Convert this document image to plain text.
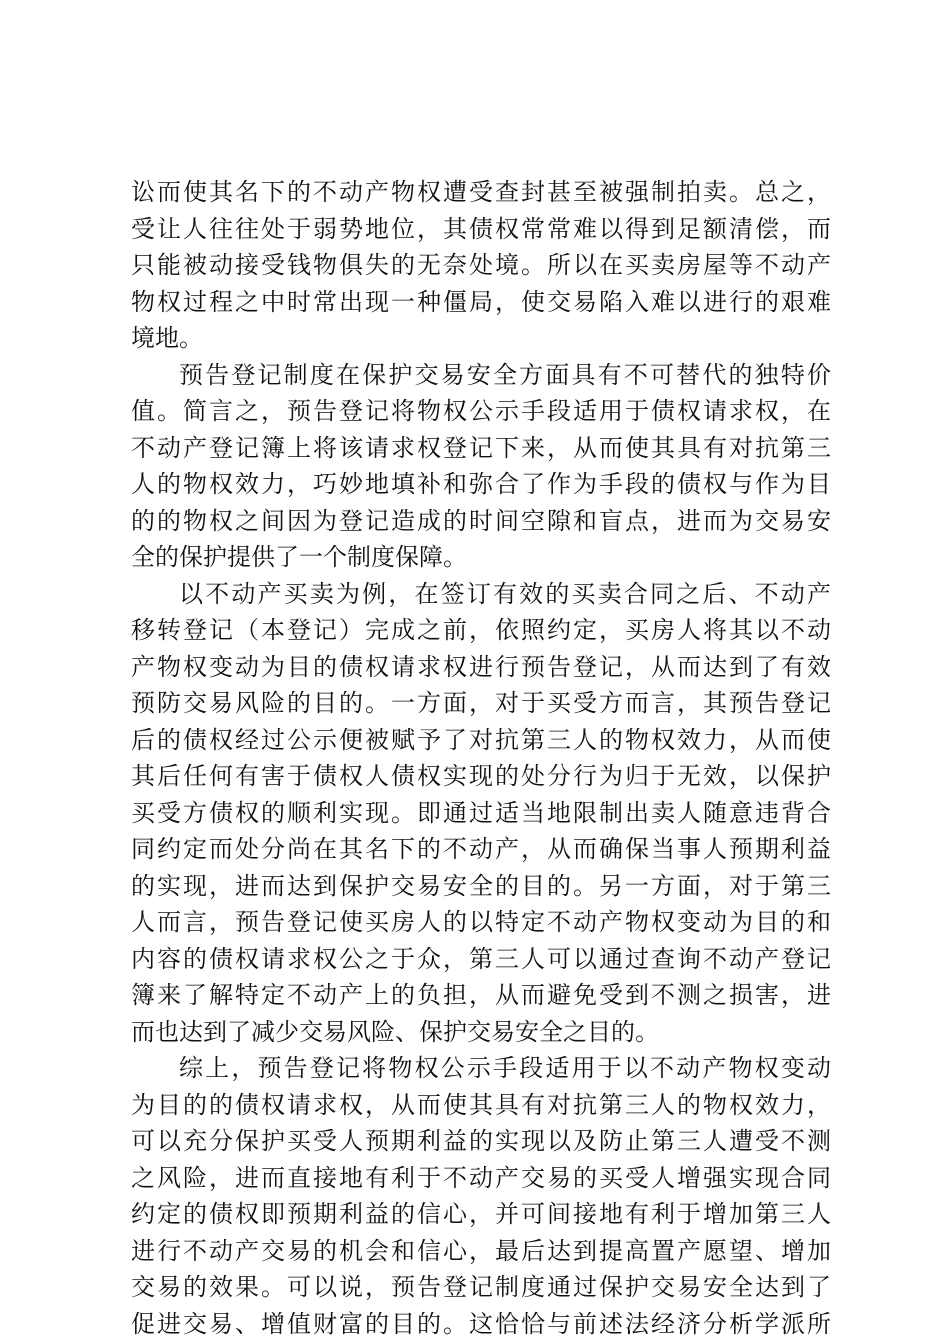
讼而使其名下的不动产物权遭受查封甚至被强制拍卖。总之，
受让人往往处于弱势地位，其债权常常难以得到足额清偿，而
只能被动接受钱物俱失的无奈处境。所以在买卖房屋等不动产
物权过程之中时常出现一种僵局，使交易陷入难以进行的艰难
境地。
预告登记制度在保护交易安全方面具有不可替代的独特价
值。简言之，预告登记将物权公示手段适用于债权请求权，在
不动产登记簿上将该请求权登记下来，从而使其具有对抗第三
人的物权效力，巧妙地填补和弥合了作为手段的债权与作为目
的的物权之间因为登记造成的时间空隙和盲点，进而为交易安
全的保护提供了一个制度保障。
以不动产买卖为例，在签订有效的买卖合同之后、不动产
移转登记（本登记）完成之前，依照约定，买房人将其以不动
产物权变动为目的债权请求权进行预告登记，从而达到了有效
预防交易风险的目的。一方面，对于买受方而言，其预告登记
后的债权经过公示便被赋予了对抗第三人的物权效力，从而使
其后任何有害于债权人债权实现的处分行为归于无效，以保护
买受方债权的顺利实现。即通过适当地限制出卖人随意违背合
同约定而处分尚在其名下的不动产，从而确保当事人预期利益
的实现，进而达到保护交易安全的目的。另一方面，对于第三
人而言，预告登记使买房人的以特定不动产物权变动为目的和
内容的债权请求权公之于众，第三人可以通过查询不动产登记
簿来了解特定不动产上的负担，从而避免受到不测之损害，进
而也达到了减少交易风险、保护交易安全之目的。
综上，预告登记将物权公示手段适用于以不动产物权变动
为目的的债权请求权，从而使其具有对抗第三人的物权效力，
可以充分保护买受人预期利益的实现以及防止第三人遭受不测
之风险，进而直接地有利于不动产交易的买受人增强实现合同
约定的债权即预期利益的信心，并可间接地有利于增加第三人
进行不动产交易的机会和信心，最后达到提高置产愿望、增加
交易的效果。可以说，预告登记制度通过保护交易安全达到了
促进交易、增值财富的目的。这恰恰与前述法经济分析学派所
